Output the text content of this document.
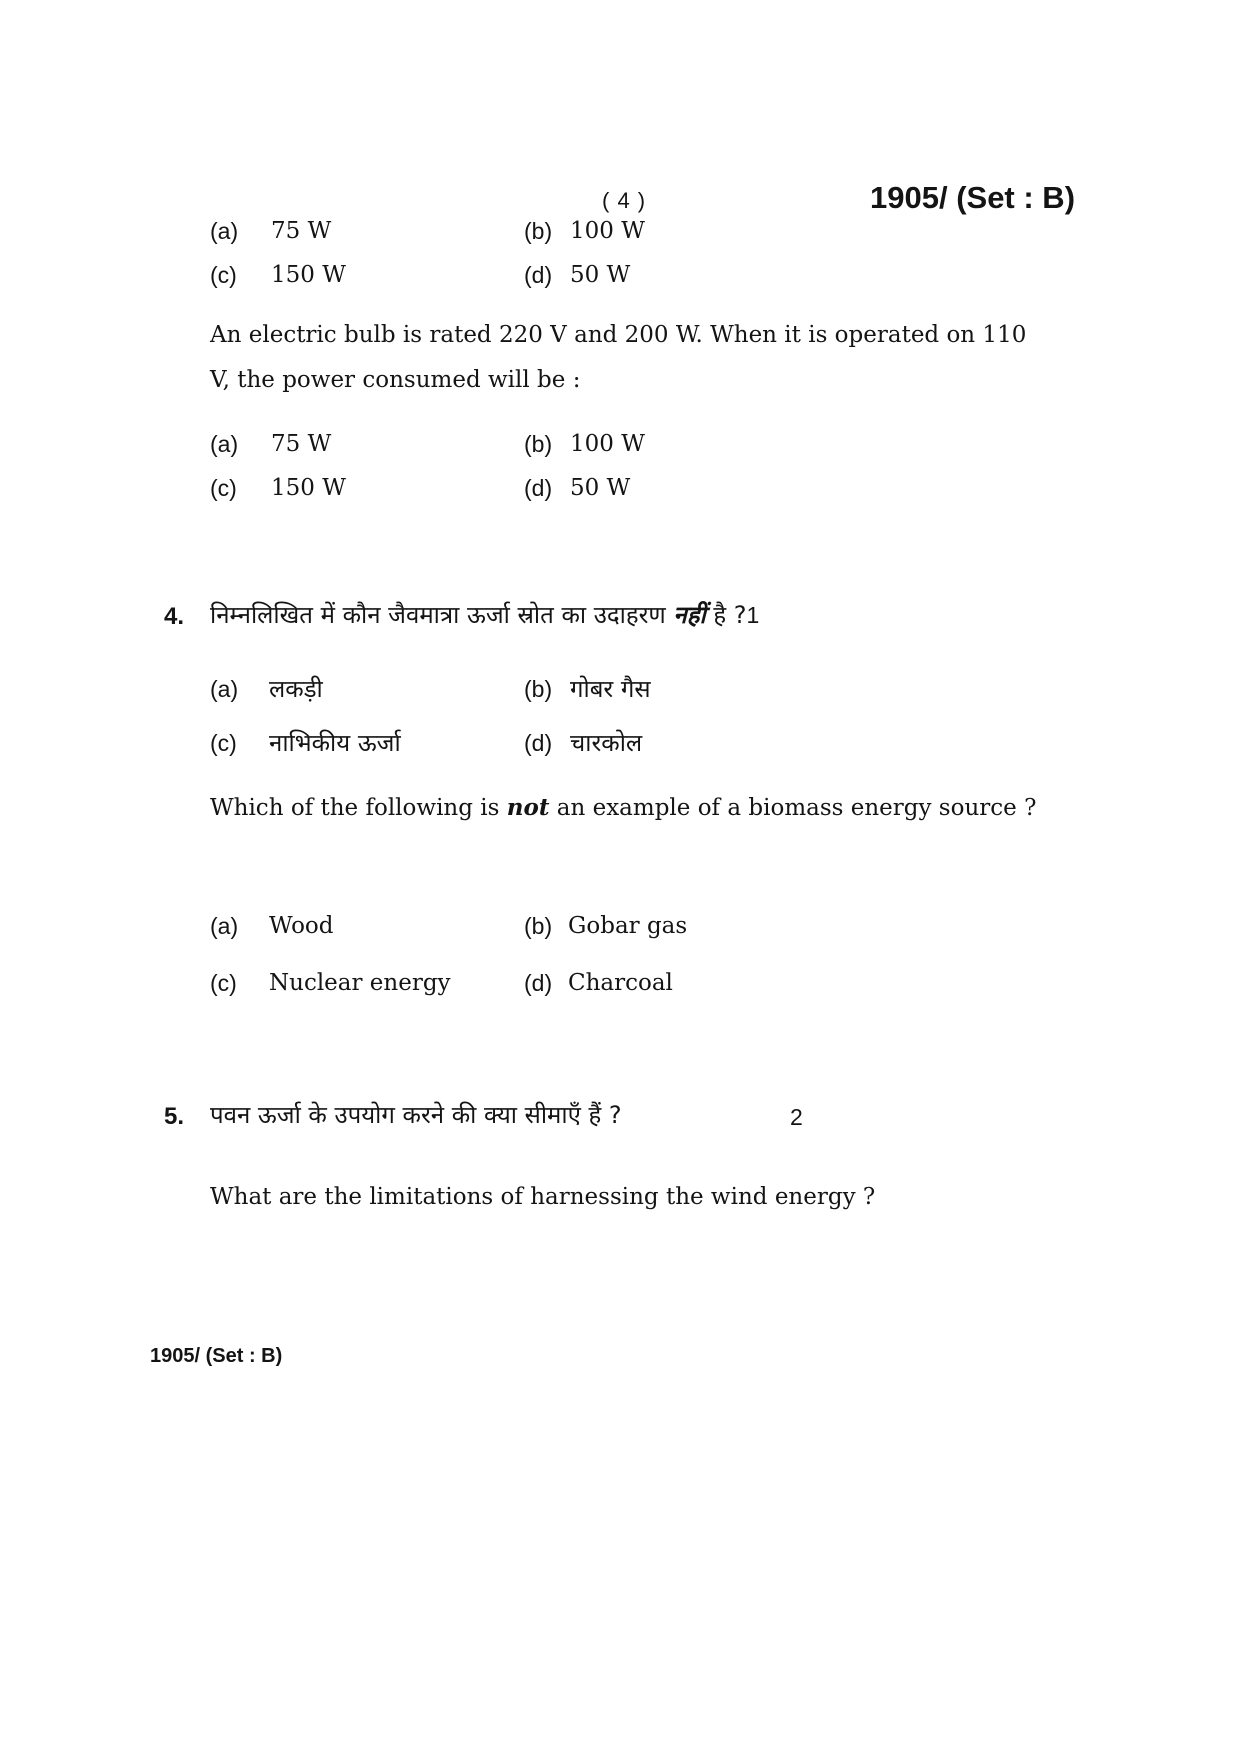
( 4 )	1905/ (Set : B)
(a) 75 W	(b) 100 W
(c) 150 W	(d) 50 W
An electric bulb is rated 220 V and 200 W. When it is operated on 110
V, the power consumed will be :
(a) 75 W	(b) 100 W
(c) 150 W	(d) 50 W
4. निम्नलिखित में कौन जैवमात्रा ऊर्जा स्रोत का उदाहरण नहीं है ?1
(a) लकड़ी	(b) गोबर गैस
(c) नाभिकीय ऊर्जा	(d) चारकोल
Which of the following is not an example of a biomass energy source ?
(a) Wood	(b) Gobar gas
(c) Nuclear energy	(d) Charcoal
5. पवन ऊर्जा के उपयोग करने की क्या सीमाएँ हैं ?	2
What are the limitations of harnessing the wind energy ?
1905/ (Set : B)
